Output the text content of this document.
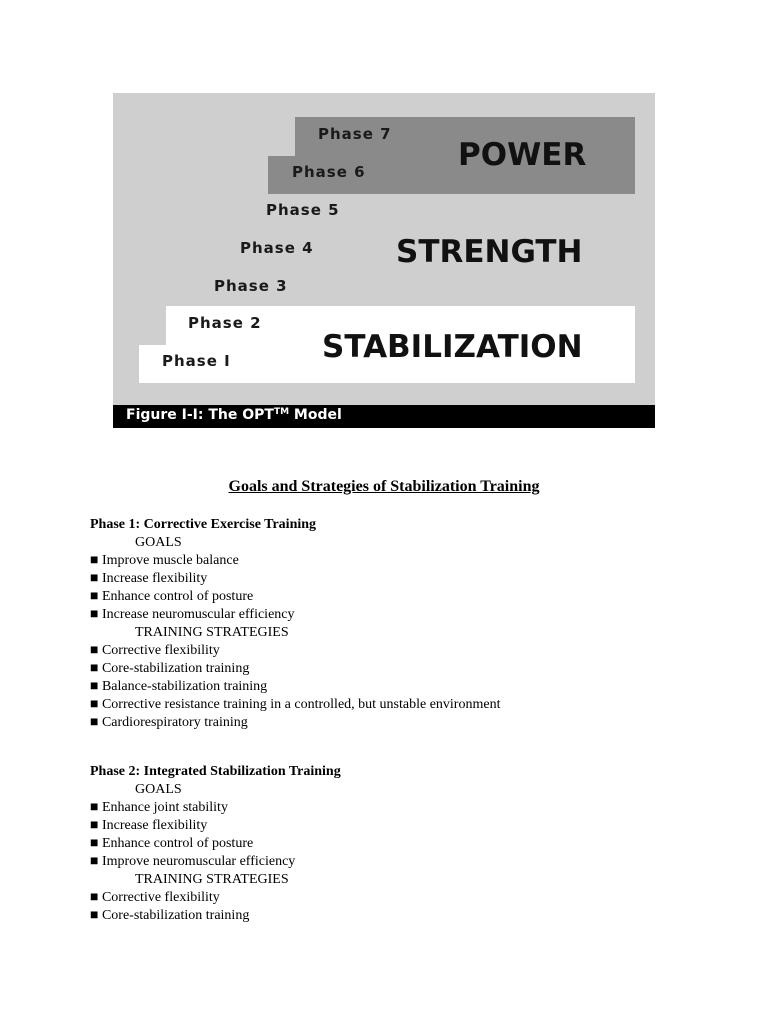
Phase 7
Phase 6
Phase 5
Phase 4
Phase 3
Phase 2
Phase I
POWER
STRENGTH
STABILIZATION
Figure I-I: The OPT™ Model
Goals and Strategies of Stabilization Training

Phase 1: Corrective Exercise Training

GOALS

■ Improve muscle balance

■ Increase flexibility

■ Enhance control of posture

■ Increase neuromuscular efficiency

TRAINING STRATEGIES

■ Corrective flexibility

■ Core-stabilization training

■ Balance-stabilization training

■ Corrective resistance training in a controlled, but unstable environment

■ Cardiorespiratory training

Phase 2: Integrated Stabilization Training

GOALS

■ Enhance joint stability

■ Increase flexibility

■ Enhance control of posture

■ Improve neuromuscular efficiency

TRAINING STRATEGIES

■ Corrective flexibility

■ Core-stabilization training
